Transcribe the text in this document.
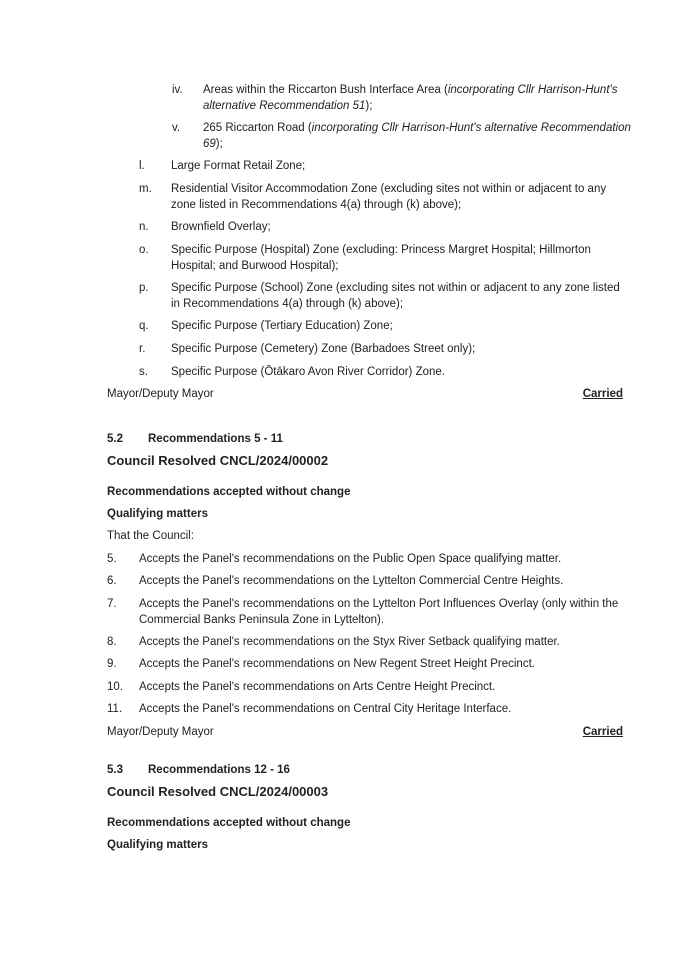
iv.	Areas within the Riccarton Bush Interface Area (incorporating Cllr Harrison-Hunt's alternative Recommendation 51);
v.	265 Riccarton Road (incorporating Cllr Harrison-Hunt's alternative Recommendation 69);
l.	Large Format Retail Zone;
m.	Residential Visitor Accommodation Zone (excluding sites not within or adjacent to any zone listed in Recommendations 4(a) through (k) above);
n.	Brownfield Overlay;
o.	Specific Purpose (Hospital) Zone (excluding: Princess Margret Hospital; Hillmorton Hospital; and Burwood Hospital);
p.	Specific Purpose (School) Zone (excluding sites not within or adjacent to any zone listed in Recommendations 4(a) through (k) above);
q.	Specific Purpose (Tertiary Education) Zone;
r.	Specific Purpose (Cemetery) Zone (Barbadoes Street only);
s.	Specific Purpose (Ōtākaro Avon River Corridor) Zone.
Mayor/Deputy Mayor	Carried
5.2 Recommendations 5 - 11
Council Resolved CNCL/2024/00002
Recommendations accepted without change
Qualifying matters
That the Council:
5.	Accepts the Panel's recommendations on the Public Open Space qualifying matter.
6.	Accepts the Panel's recommendations on the Lyttelton Commercial Centre Heights.
7.	Accepts the Panel's recommendations on the Lyttelton Port Influences Overlay (only within the Commercial Banks Peninsula Zone in Lyttelton).
8.	Accepts the Panel's recommendations on the Styx River Setback qualifying matter.
9.	Accepts the Panel's recommendations on New Regent Street Height Precinct.
10.	Accepts the Panel's recommendations on Arts Centre Height Precinct.
11.	Accepts the Panel's recommendations on Central City Heritage Interface.
Mayor/Deputy Mayor	Carried
5.3 Recommendations 12 - 16
Council Resolved CNCL/2024/00003
Recommendations accepted without change
Qualifying matters
